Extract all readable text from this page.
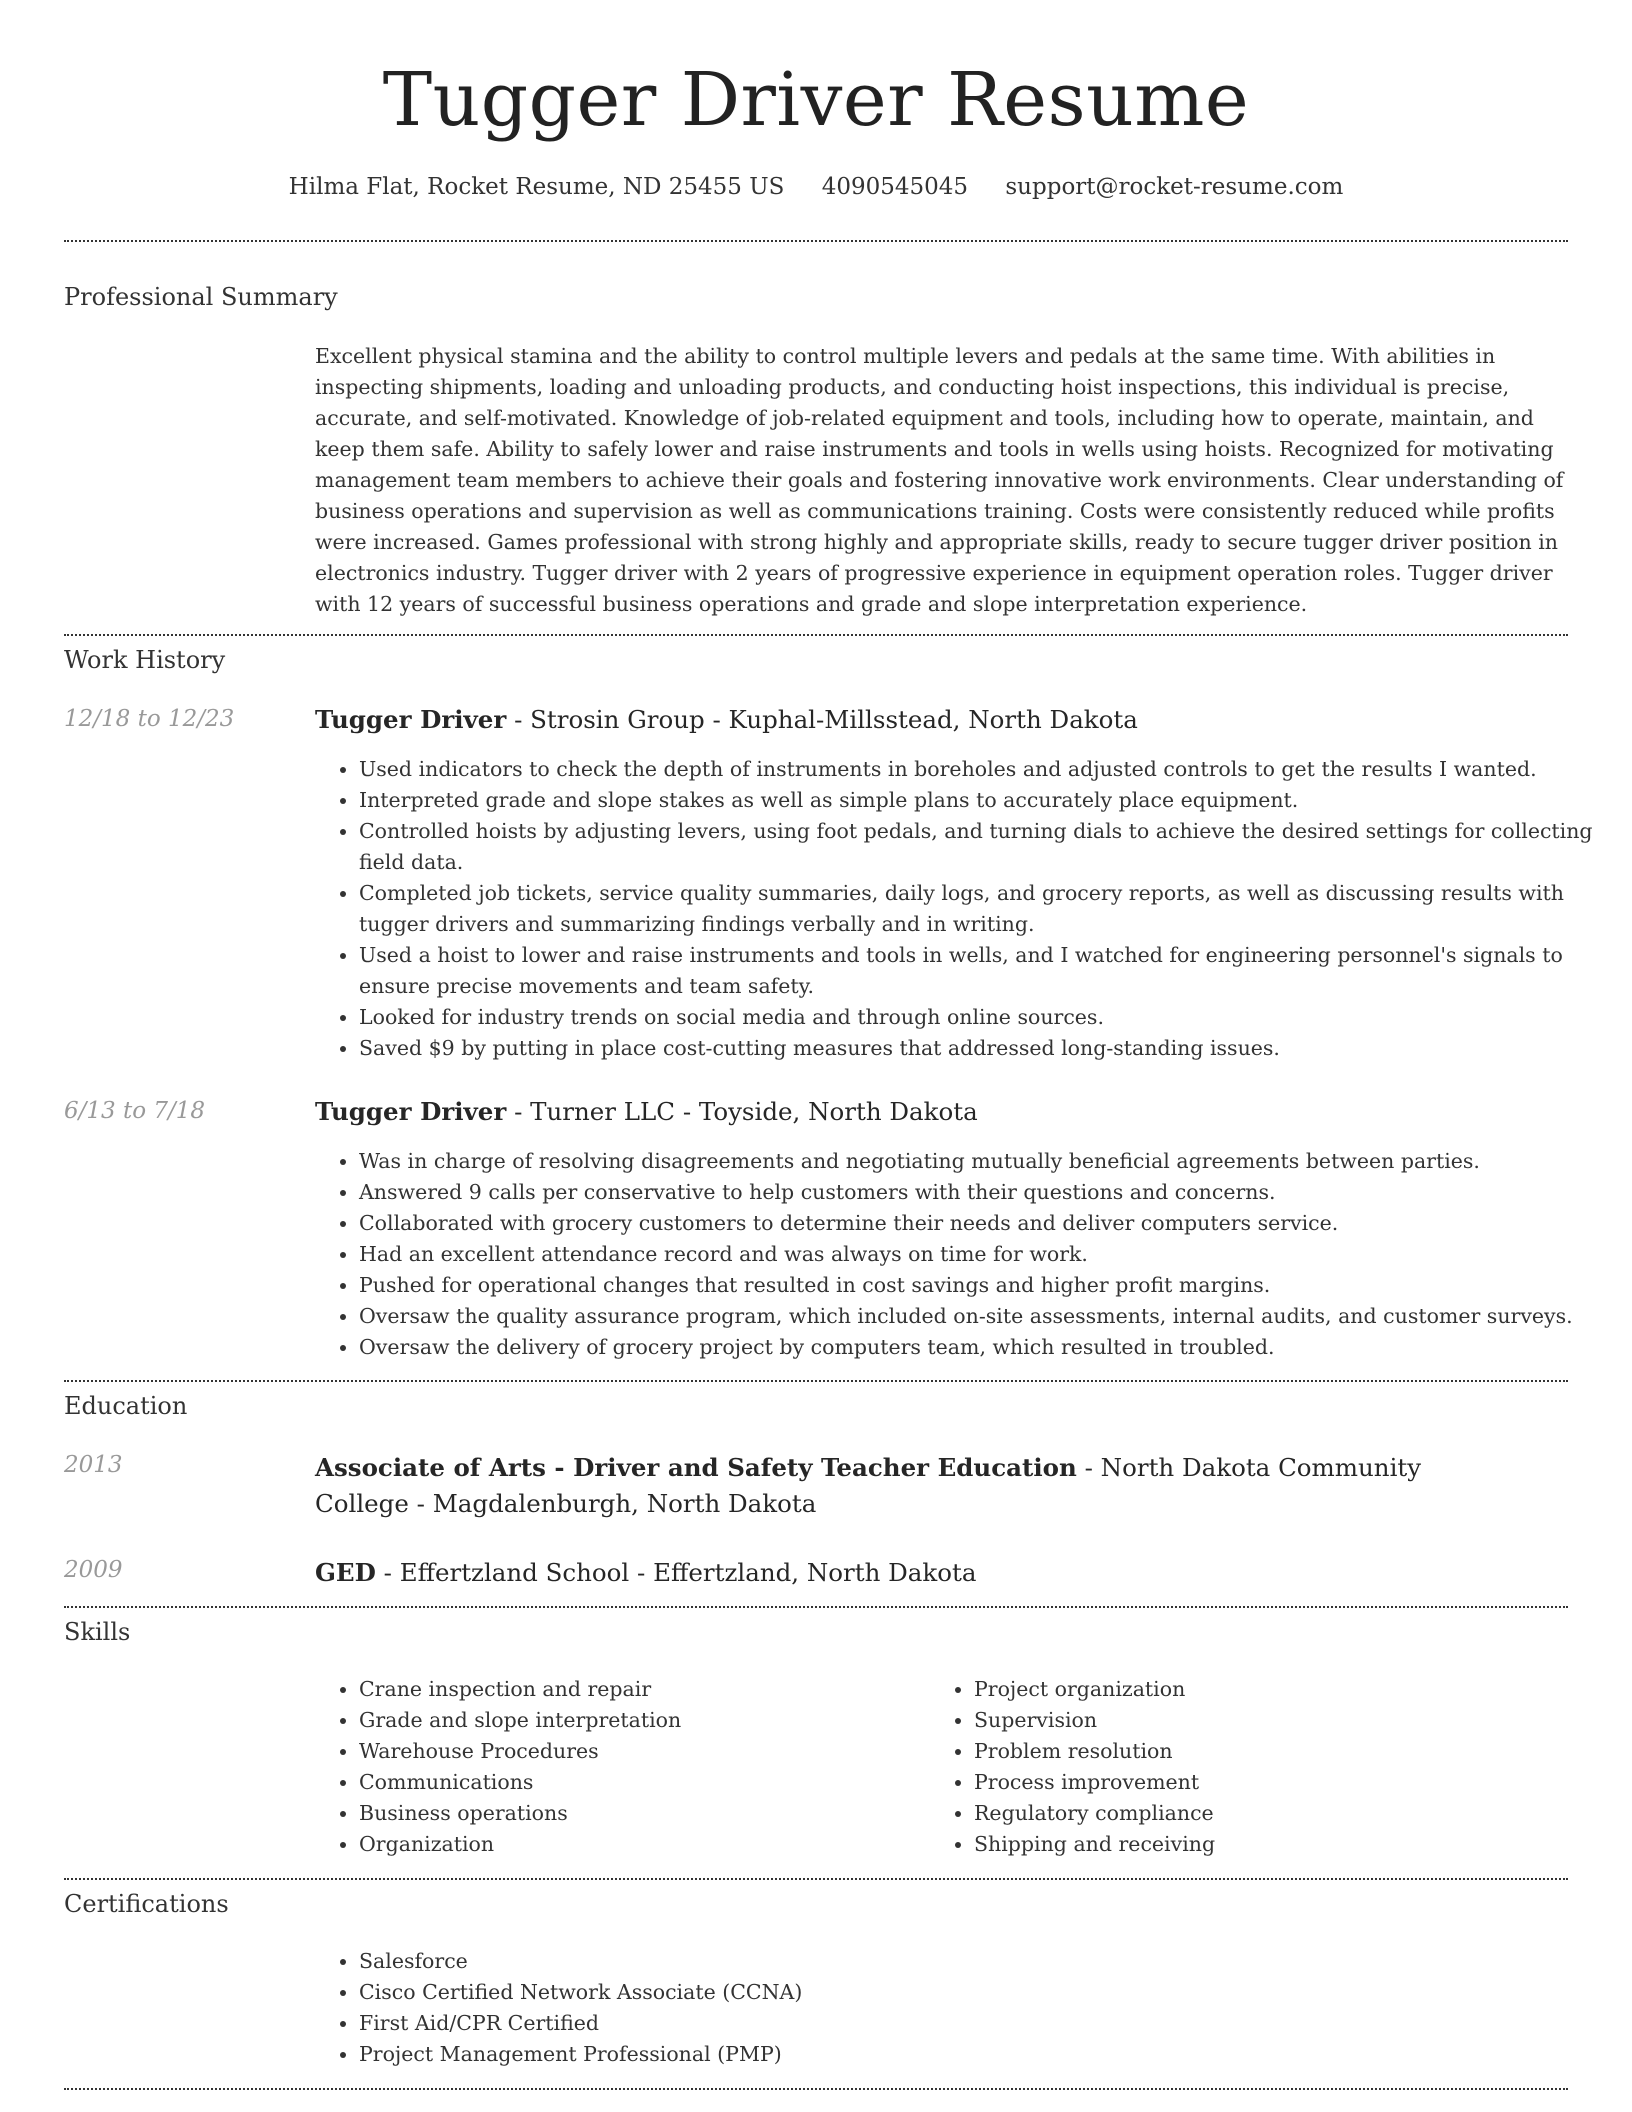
Tugger Driver Resume
Hilma Flat, Rocket Resume, ND 25455 US 4090545045 support@rocket-resume.com
Professional Summary

Excellent physical stamina and the ability to control multiple levers and pedals at the same time. With abilities in inspecting shipments, loading and unloading products, and conducting hoist inspections, this individual is precise, accurate, and self-motivated. Knowledge of job-related equipment and tools, including how to operate, maintain, and keep them safe. Ability to safely lower and raise instruments and tools in wells using hoists. Recognized for motivating management team members to achieve their goals and fostering innovative work environments. Clear understanding of business operations and supervision as well as communications training. Costs were consistently reduced while profits were increased. Games professional with strong highly and appropriate skills, ready to secure tugger driver position in electronics industry. Tugger driver with 2 years of progressive experience in equipment operation roles. Tugger driver with 12 years of successful business operations and grade and slope interpretation experience.

Work History
12/18 to 12/23	Tugger Driver - Strosin Group - Kuphal-Millsstead, North Dakota
• Used indicators to check the depth of instruments in boreholes and adjusted controls to get the results I wanted.
• Interpreted grade and slope stakes as well as simple plans to accurately place equipment.
• Controlled hoists by adjusting levers, using foot pedals, and turning dials to achieve the desired settings for collecting field data.
• Completed job tickets, service quality summaries, daily logs, and grocery reports, as well as discussing results with tugger drivers and summarizing findings verbally and in writing.
• Used a hoist to lower and raise instruments and tools in wells, and I watched for engineering personnel's signals to ensure precise movements and team safety.
• Looked for industry trends on social media and through online sources.
• Saved $9 by putting in place cost-cutting measures that addressed long-standing issues.
6/13 to 7/18	Tugger Driver - Turner LLC - Toyside, North Dakota
• Was in charge of resolving disagreements and negotiating mutually beneficial agreements between parties.
• Answered 9 calls per conservative to help customers with their questions and concerns.
• Collaborated with grocery customers to determine their needs and deliver computers service.
• Had an excellent attendance record and was always on time for work.
• Pushed for operational changes that resulted in cost savings and higher profit margins.
• Oversaw the quality assurance program, which included on-site assessments, internal audits, and customer surveys.
• Oversaw the delivery of grocery project by computers team, which resulted in troubled.
Education
2013	Associate of Arts - Driver and Safety Teacher Education - North Dakota Community College - Magdalenburgh, North Dakota
2009	GED - Effertzland School - Effertzland, North Dakota
Skills
• Crane inspection and repair
• Grade and slope interpretation
• Warehouse Procedures
• Communications
• Business operations
• Organization
• Project organization
• Supervision
• Problem resolution
• Process improvement
• Regulatory compliance
• Shipping and receiving
Certifications
• Salesforce
• Cisco Certified Network Associate (CCNA)
• First Aid/CPR Certified
• Project Management Professional (PMP)
